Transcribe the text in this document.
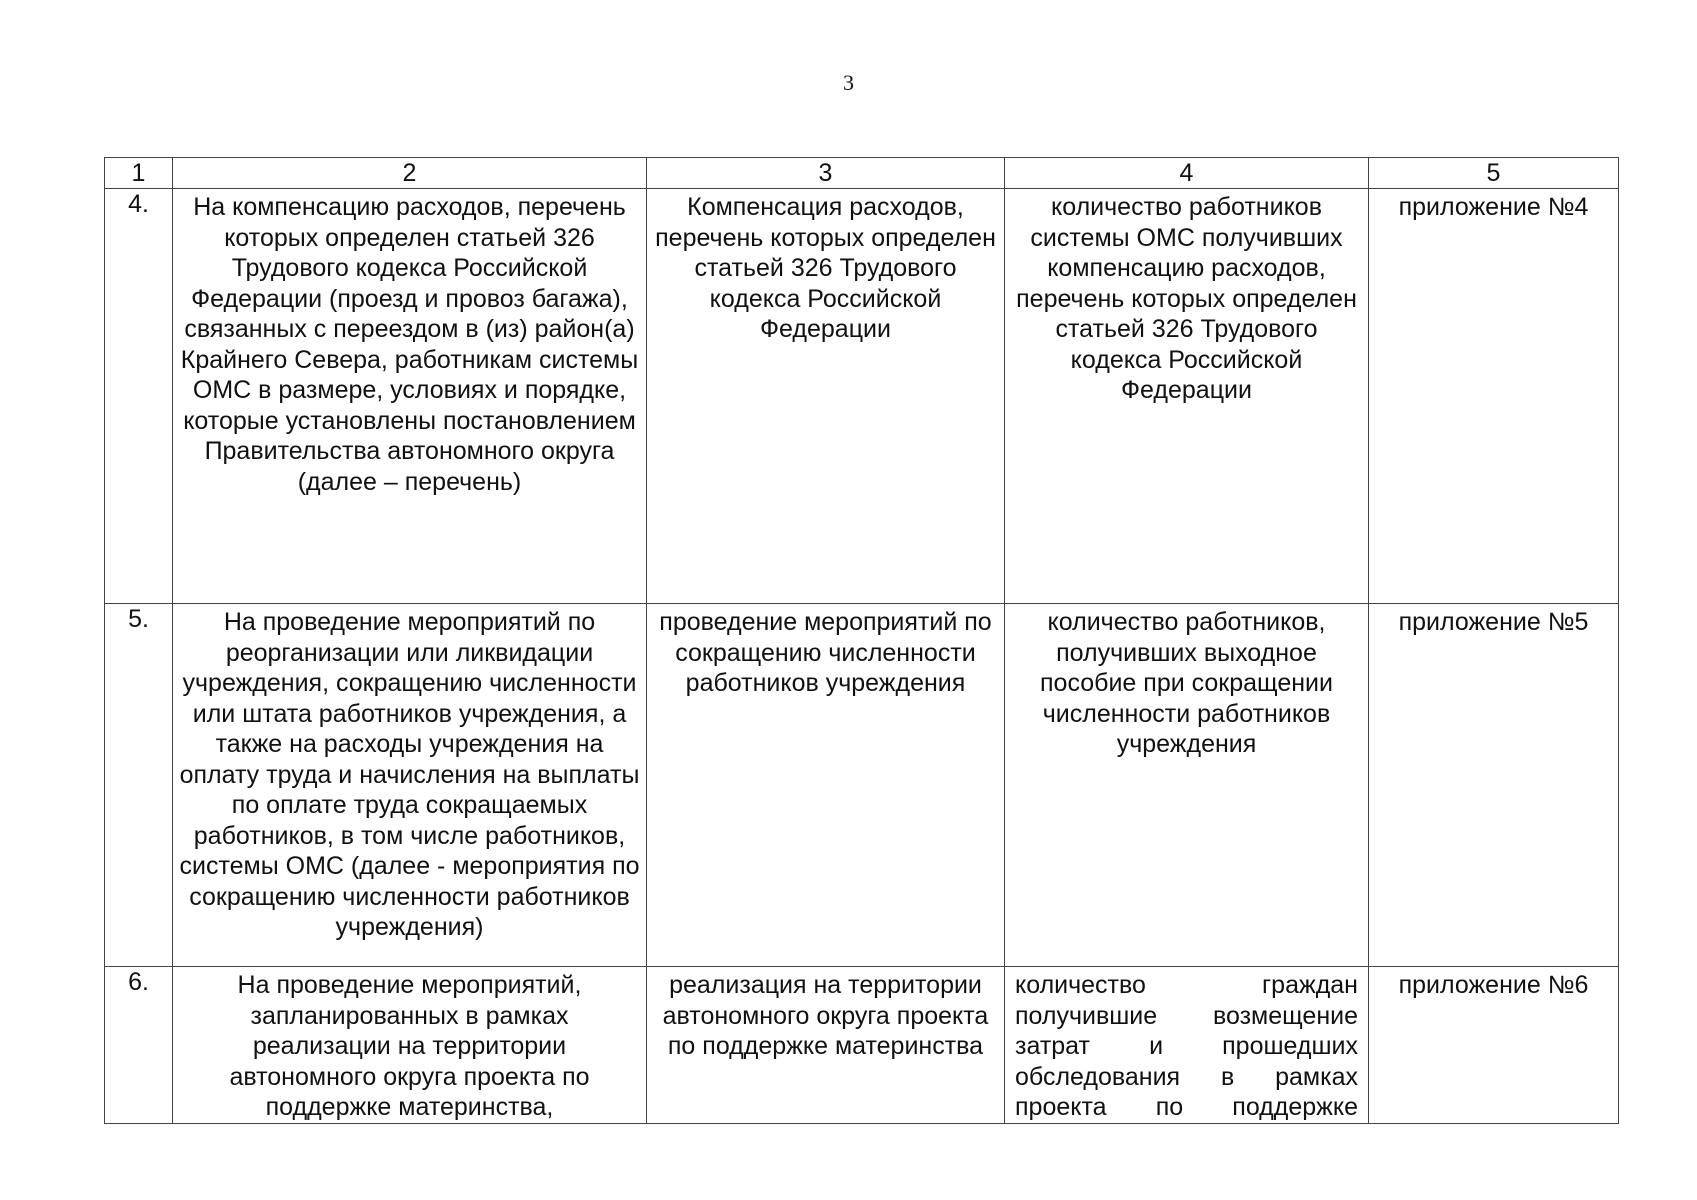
3
1	2	3	4	5
4.	На компенсацию расходов, перечень которых определен статьей 326 Трудового кодекса Российской Федерации (проезд и провоз багажа), связанных с переездом в (из) район(а) Крайнего Севера, работникам системы ОМС в размере, условиях и порядке, которые установлены постановлением Правительства автономного округа (далее – перечень)	Компенсация расходов, перечень которых определен статьей 326 Трудового кодекса Российской Федерации	количество работников системы ОМС получивших компенсацию расходов, перечень которых определен статьей 326 Трудового кодекса Российской Федерации	приложение №4

5.	На проведение мероприятий по реорганизации или ликвидации учреждения, сокращению численности или штата работников учреждения, а также на расходы учреждения на оплату труда и начисления на выплаты по оплате труда сокращаемых работников, в том числе работников, системы ОМС (далее - мероприятия по сокращению численности работников учреждения)	проведение мероприятий по сокращению численности работников учреждения	количество работников, получивших выходное пособие при сокращении численности работников учреждения	приложение №5

6.	На проведение мероприятий, запланированных в рамках реализации на территории автономного округа проекта по поддержке материнства,	реализация на территории автономного округа проекта по поддержке материнства	количество граждан
получившие возмещение
затрат и прошедших
обследования в рамках
проекта по поддержке	приложение №6
